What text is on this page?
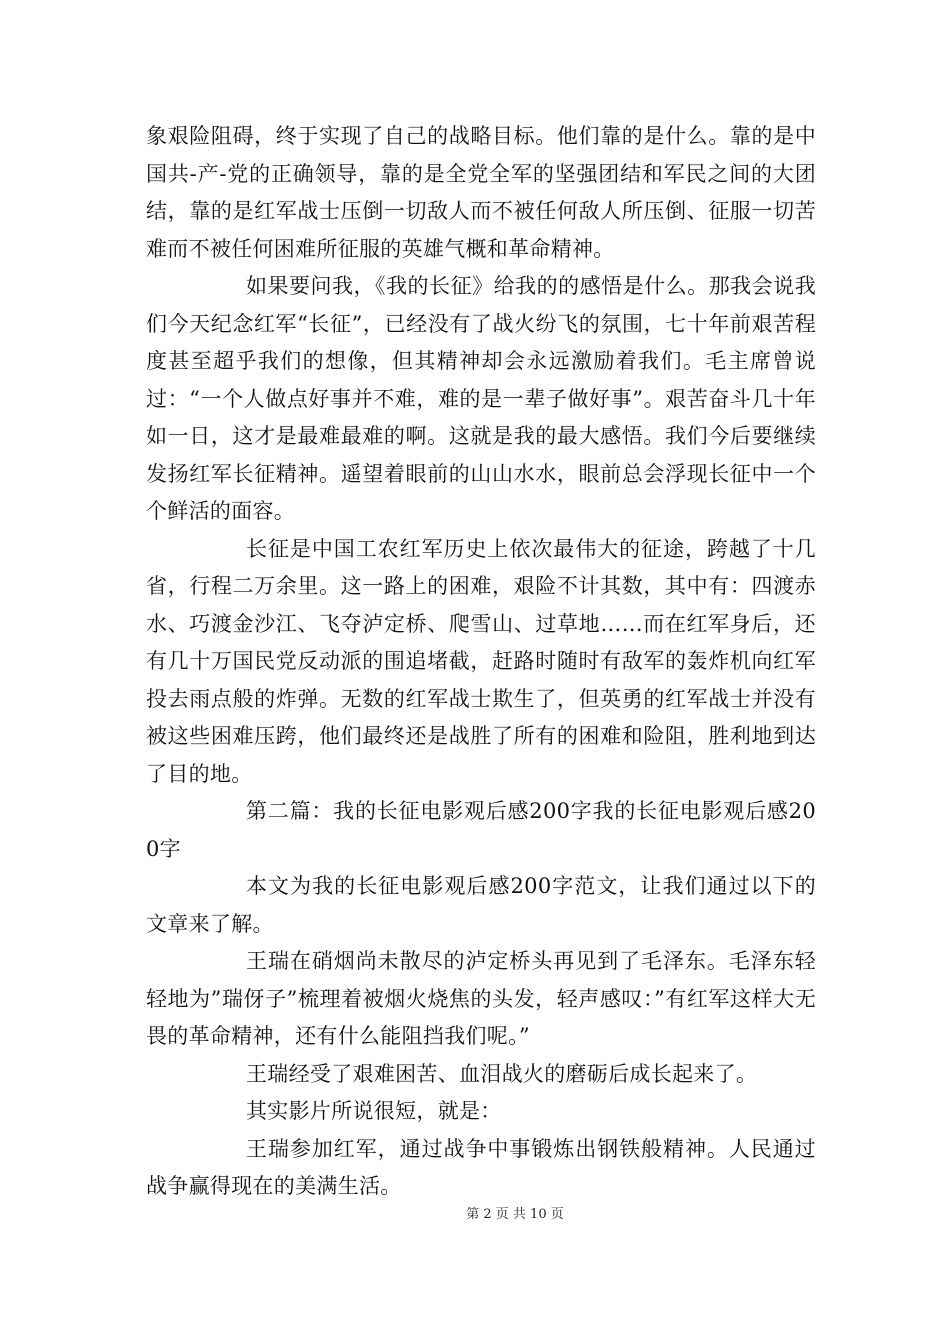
象艰险阻碍，终于实现了自己的战略目标。他们靠的是什么。靠的是中国共-产-党的正确领导，靠的是全党全军的坚强团结和军民之间的大团结，靠的是红军战士压倒一切敌人而不被任何敌人所压倒、征服一切苦难而不被任何困难所征服的英雄气概和革命精神。

如果要问我，《我的长征》给我的的感悟是什么。那我会说我们今天纪念红军“长征”，已经没有了战火纷飞的氛围，七十年前艰苦程度甚至超乎我们的想像，但其精神却会永远激励着我们。毛主席曾说过：“一个人做点好事并不难，难的是一辈子做好事”。艰苦奋斗几十年如一日，这才是最难最难的啊。这就是我的最大感悟。我们今后要继续发扬红军长征精神。遥望着眼前的山山水水，眼前总会浮现长征中一个个鲜活的面容。

长征是中国工农红军历史上依次最伟大的征途，跨越了十几省，行程二万余里。这一路上的困难，艰险不计其数，其中有：四渡赤水、巧渡金沙江、飞夺泸定桥、爬雪山、过草地……而在红军身后，还有几十万国民党反动派的围追堵截，赶路时随时有敌军的轰炸机向红军投去雨点般的炸弹。无数的红军战士欺生了，但英勇的红军战士并没有被这些困难压跨，他们最终还是战胜了所有的困难和险阻，胜利地到达了目的地。

第二篇：我的长征电影观后感200字我的长征电影观后感200字

本文为我的长征电影观后感200字范文，让我们通过以下的文章来了解。

王瑞在硝烟尚未散尽的泸定桥头再见到了毛泽东。毛泽东轻轻地为”瑞伢子”梳理着被烟火烧焦的头发，轻声感叹：”有红军这样大无畏的革命精神，还有什么能阻挡我们呢。”

王瑞经受了艰难困苦、血泪战火的磨砺后成长起来了。

其实影片所说很短，就是：

王瑞参加红军，通过战争中事锻炼出钢铁般精神。人民通过战争赢得现在的美满生活。

第 2 页 共 10 页
